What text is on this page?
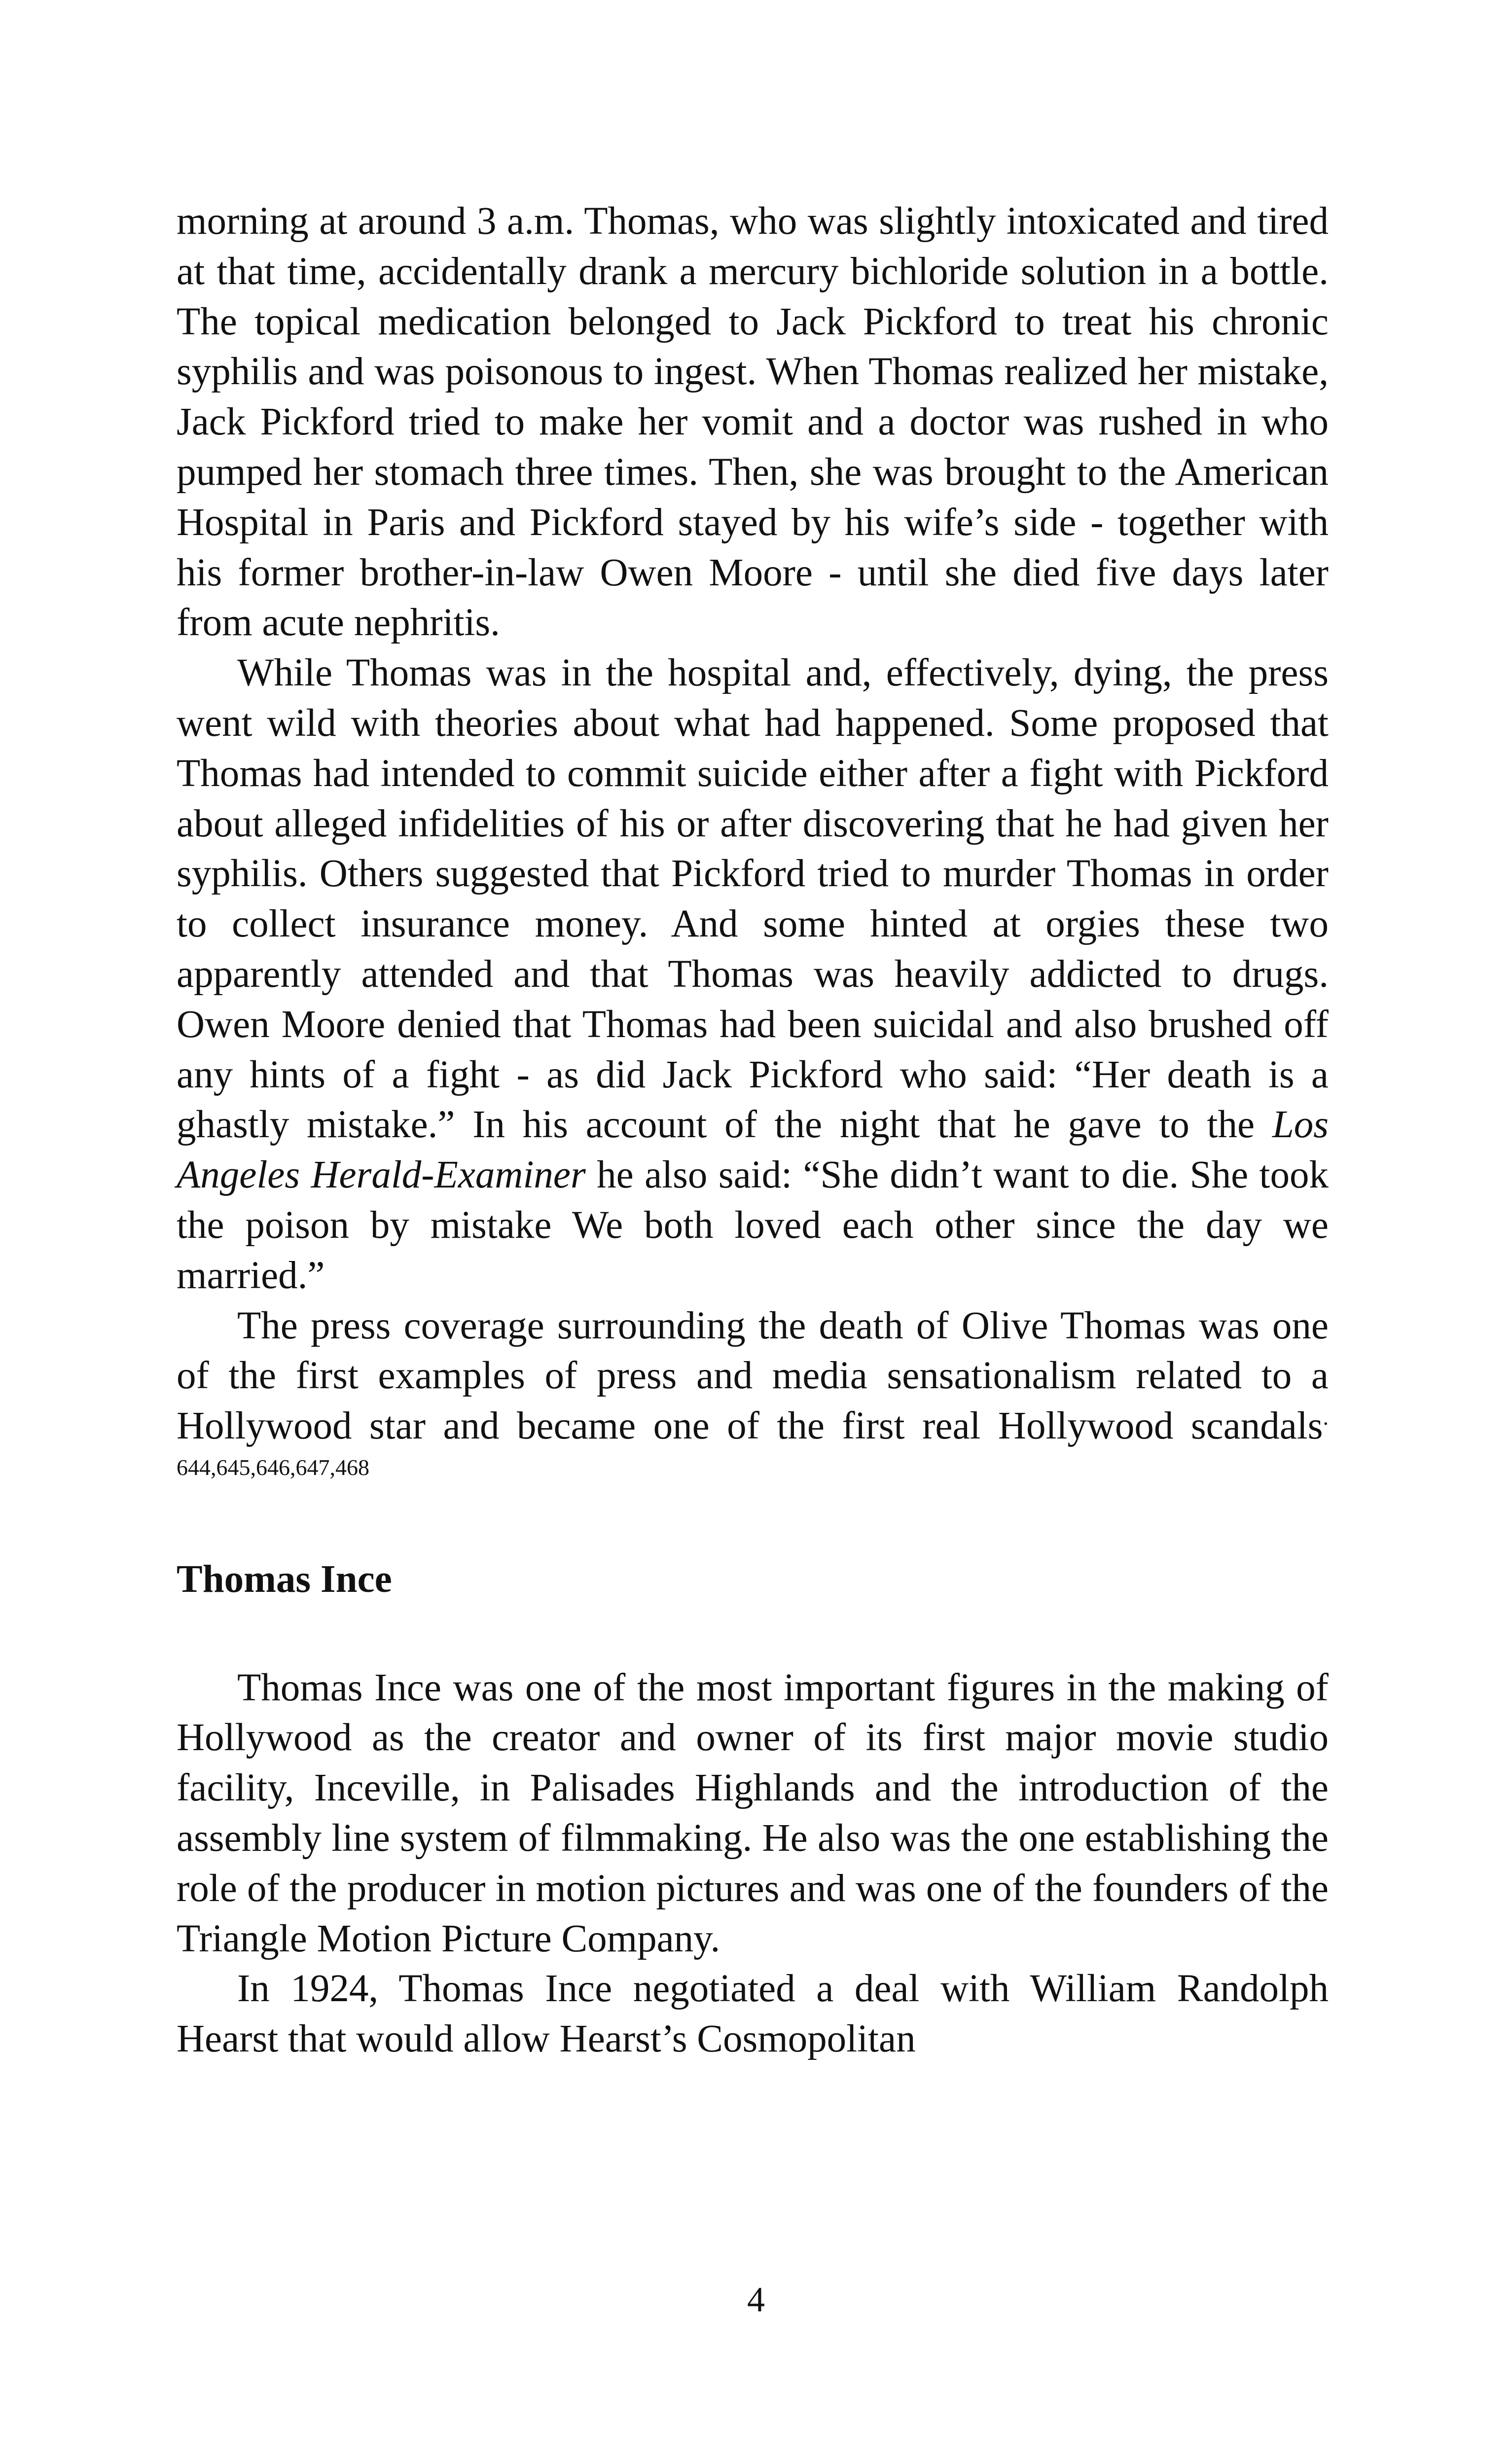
morning at around 3 a.m. Thomas, who was slightly intoxicated and tired at that time, accidentally drank a mercury bichloride solution in a bottle. The topical medication belonged to Jack Pickford to treat his chronic syphilis and was poisonous to ingest. When Thomas realized her mistake, Jack Pickford tried to make her vomit and a doctor was rushed in who pumped her stomach three times. Then, she was brought to the American Hospital in Paris and Pickford stayed by his wife’s side - together with his former brother-in-law Owen Moore - until she died five days later from acute nephritis.

While Thomas was in the hospital and, effectively, dying, the press went wild with theories about what had happened. Some proposed that Thomas had intended to commit suicide either after a fight with Pickford about alleged infidelities of his or after discovering that he had given her syphilis. Others suggested that Pickford tried to murder Thomas in order to collect insurance money. And some hinted at orgies these two apparently attended and that Thomas was heavily addicted to drugs. Owen Moore denied that Thomas had been suicidal and also brushed off any hints of a fight - as did Jack Pickford who said: “Her death is a ghastly mistake.” In his account of the night that he gave to the Los Angeles Herald-Examiner he also said: “She didn’t want to die. She took the poison by mistake We both loved each other since the day we married.”

The press coverage surrounding the death of Olive Thomas was one of the first examples of press and media sensationalism related to a Hollywood star and became one of the first real Hollywood scandals$^{. 644,645,646,647,468}$

Thomas Ince

Thomas Ince was one of the most important figures in the making of Hollywood as the creator and owner of its first major movie studio facility, Inceville, in Palisades Highlands and the introduction of the assembly line system of filmmaking. He also was the one establishing the role of the producer in motion pictures and was one of the founders of the Triangle Motion Picture Company.

In 1924, Thomas Ince negotiated a deal with William Randolph Hearst that would allow Hearst’s Cosmopolitan

4
